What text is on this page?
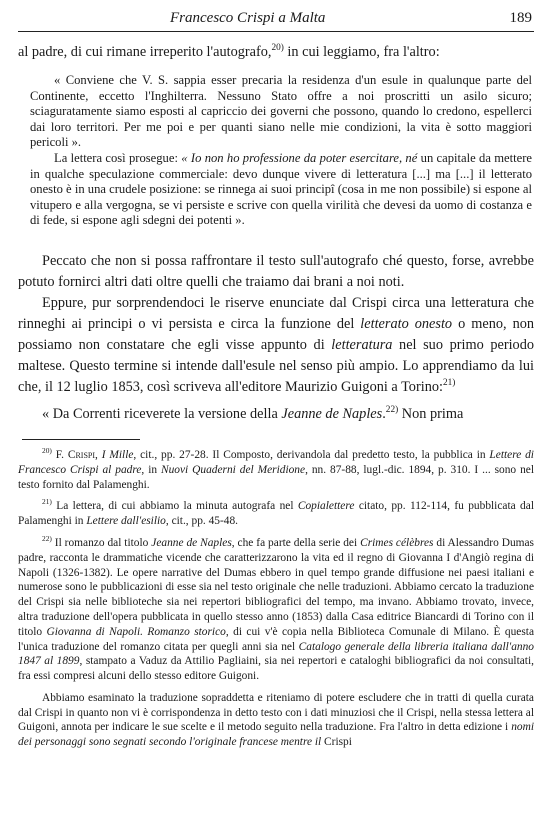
Francesco Crispi a Malta	189

al padre, di cui rimane irreperito l'autografo,$^{20)}$ in cui leggiamo, fra l'altro:

« Conviene che V. S. sappia esser precaria la residenza d'un esule in qualunque parte del Continente, eccetto l'Inghilterra. Nessuno Stato offre a noi proscritti un asilo sicuro; sciaguratamente siamo esposti al capriccio dei governi che possono, quando lo credono, espellerci dai loro territori. Per me poi e per quanti siano nelle mie condizioni, la vita è sotto maggiori pericoli ».

La lettera così prosegue: « Io non ho professione da poter esercitare, né un capitale da mettere in qualche speculazione commerciale: devo dunque vivere di letteratura [...] ma [...] il letterato onesto è in una crudele posizione: se rinnega ai suoi principî (cosa in me non possibile) si espone al vitupero e alla vergogna, se vi persiste e scrive con quella virilità che devesi da uomo di costanza e di fede, si espone agli sdegni dei potenti ».

Peccato che non si possa raffrontare il testo sull'autografo ché questo, forse, avrebbe potuto fornirci altri dati oltre quelli che traiamo dai brani a noi noti.

Eppure, pur sorprendendoci le riserve enunciate dal Crispi circa una letteratura che rinneghi ai principi o vi persista e circa la funzione del letterato onesto o meno, non possiamo non constatare che egli visse appunto di letteratura nel suo primo periodo maltese. Questo termine si intende dall'esule nel senso più ampio. Lo apprendiamo da lui che, il 12 luglio 1853, così scriveva all'editore Maurizio Guigoni a Torino:$^{21)}$

« Da Correnti riceverete la versione della Jeanne de Naples.$^{22)}$ Non prima

$^{20)}$ F. Crispi, I Mille, cit., pp. 27-28. Il Composto, derivandola dal predetto testo, la pubblica in Lettere di Francesco Crispi al padre, in Nuovi Quaderni del Meridione, nn. 87-88, lugl.-dic. 1894, p. 310. I ... sono nel testo fornito dal Palamenghi.

$^{21)}$ La lettera, di cui abbiamo la minuta autografa nel Copialettere citato, pp. 112-114, fu pubblicata dal Palamenghi in Lettere dall'esilio, cit., pp. 45-48.

$^{22)}$ Il romanzo dal titolo Jeanne de Naples, che fa parte della serie dei Crimes célèbres di Alessandro Dumas padre, racconta le drammatiche vicende che caratterizzarono la vita ed il regno di Giovanna I d'Angiò regina di Napoli (1326-1382). Le opere narrative del Dumas ebbero in quel tempo grande diffusione nei paesi italiani e numerose sono le pubblicazioni di esse sia nel testo originale che nelle traduzioni. Abbiamo cercato la traduzione del Crispi sia nelle biblioteche sia nei repertori bibliografici del tempo, ma invano. Abbiamo trovato, invece, altra traduzione dell'opera pubblicata in quello stesso anno (1853) dalla Casa editrice Biancardi di Torino con il titolo Giovanna di Napoli. Romanzo storico, di cui v'è copia nella Biblioteca Comunale di Milano. È questa l'unica traduzione del romanzo citata per quegli anni sia nel Catalogo generale della libreria italiana dall'anno 1847 al 1899, stampato a Vaduz da Attilio Pagliaini, sia nei repertori e cataloghi bibliografici da noi consultati, fra essi compresi alcuni dello stesso editore Guigoni.

Abbiamo esaminato la traduzione sopraddetta e riteniamo di potere escludere che in tratti di quella curata dal Crispi in quanto non vi è corrispondenza in detto testo con i dati minuziosi che il Crispi, nella stessa lettera al Guigoni, annota per indicare le sue scelte e il metodo seguito nella traduzione. Fra l'altro in detta edizione i nomi dei personaggi sono segnati secondo l'originale francese mentre il Crispi
